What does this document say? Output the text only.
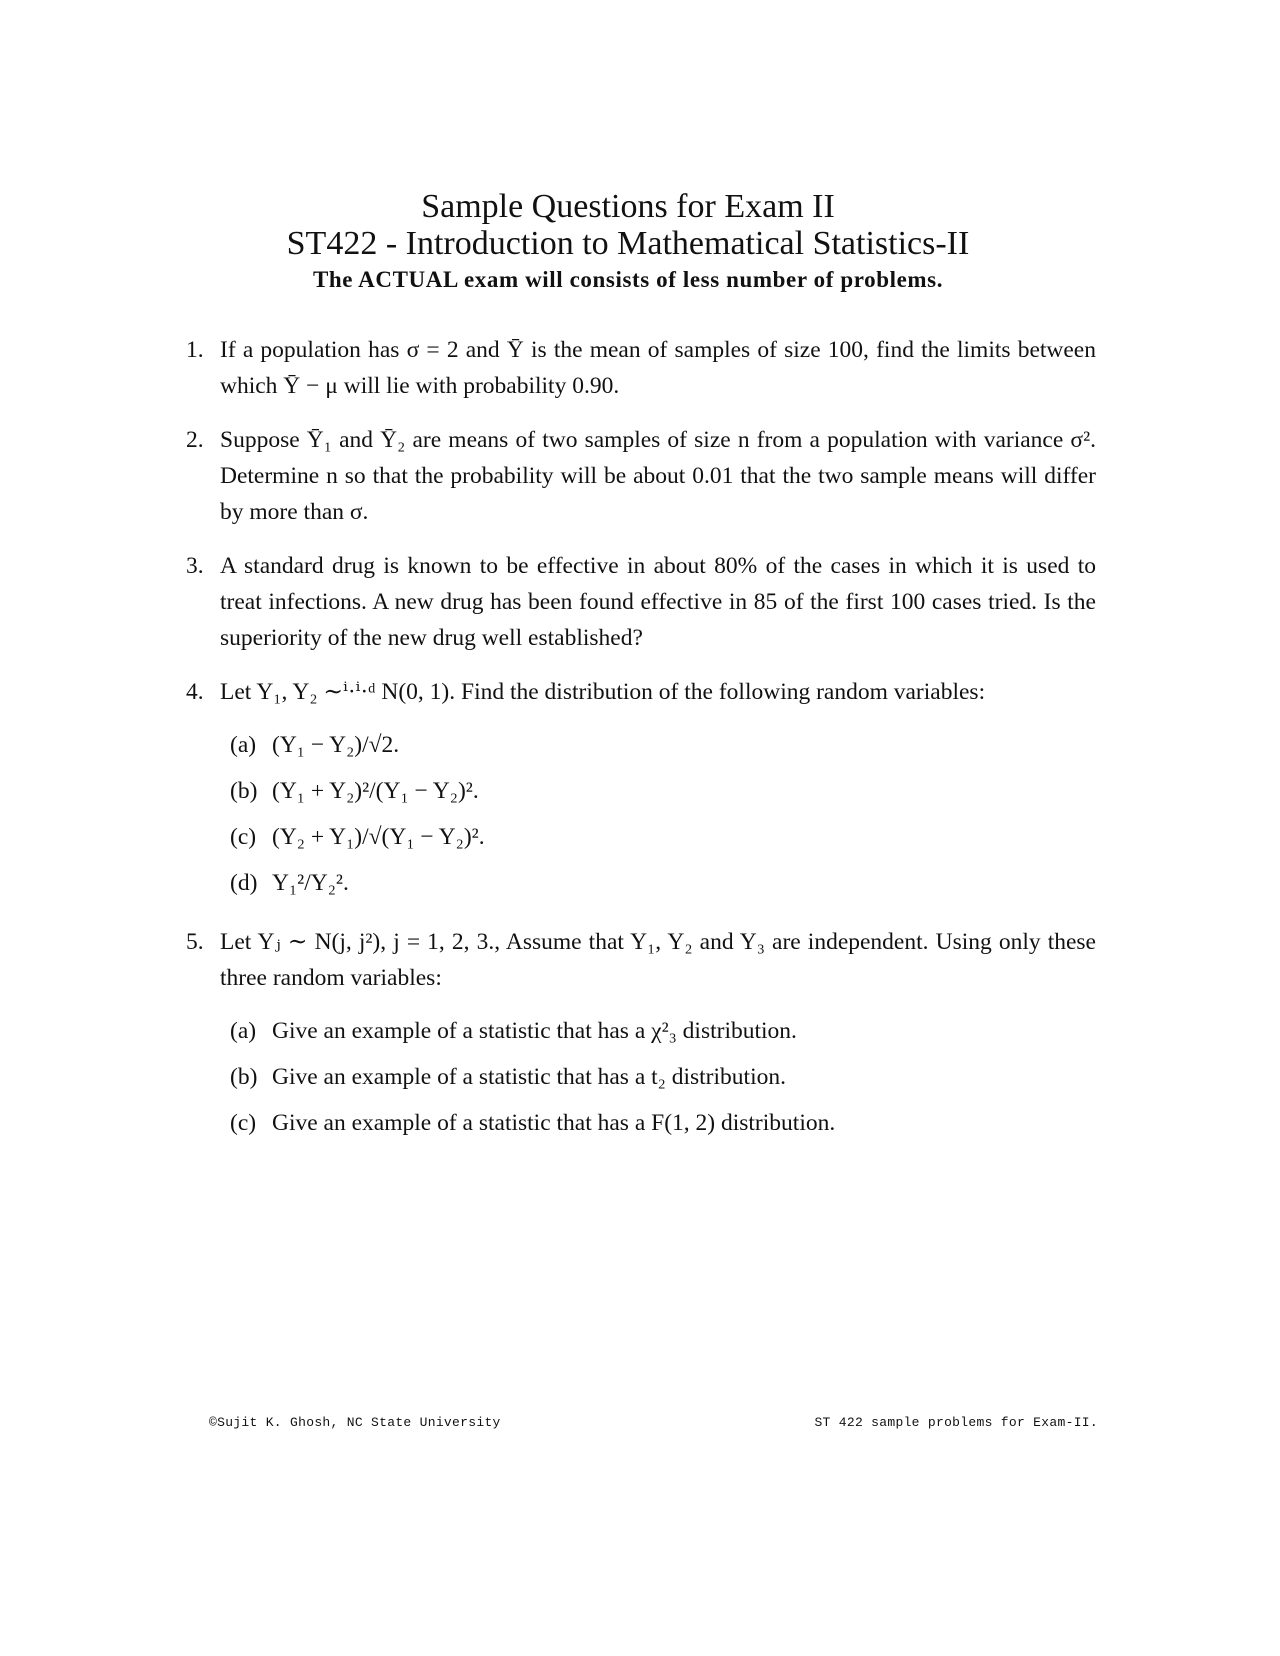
Sample Questions for Exam II
ST422 - Introduction to Mathematical Statistics-II
The ACTUAL exam will consists of less number of problems.
1. If a population has σ = 2 and Ȳ is the mean of samples of size 100, find the limits between which Ȳ − μ will lie with probability 0.90.
2. Suppose Ȳ₁ and Ȳ₂ are means of two samples of size n from a population with variance σ². Determine n so that the probability will be about 0.01 that the two sample means will differ by more than σ.
3. A standard drug is known to be effective in about 80% of the cases in which it is used to treat infections. A new drug has been found effective in 85 of the first 100 cases tried. Is the superiority of the new drug well established?
4. Let Y₁, Y₂ ∼ⁱ·ⁱ·ᵈ N(0, 1). Find the distribution of the following random variables:
(a) (Y₁ − Y₂)/√2.
(b) (Y₁ + Y₂)²/(Y₁ − Y₂)².
(c) (Y₂ + Y₁)/√(Y₁ − Y₂)².
(d) Y₁²/Y₂².
5. Let Yⱼ ∼ N(j, j²), j = 1, 2, 3., Assume that Y₁, Y₂ and Y₃ are independent. Using only these three random variables:
(a) Give an example of a statistic that has a χ²₃ distribution.
(b) Give an example of a statistic that has a t₂ distribution.
(c) Give an example of a statistic that has a F(1, 2) distribution.
©Sujit K. Ghosh, NC State University	ST 422 sample problems for Exam-II.
